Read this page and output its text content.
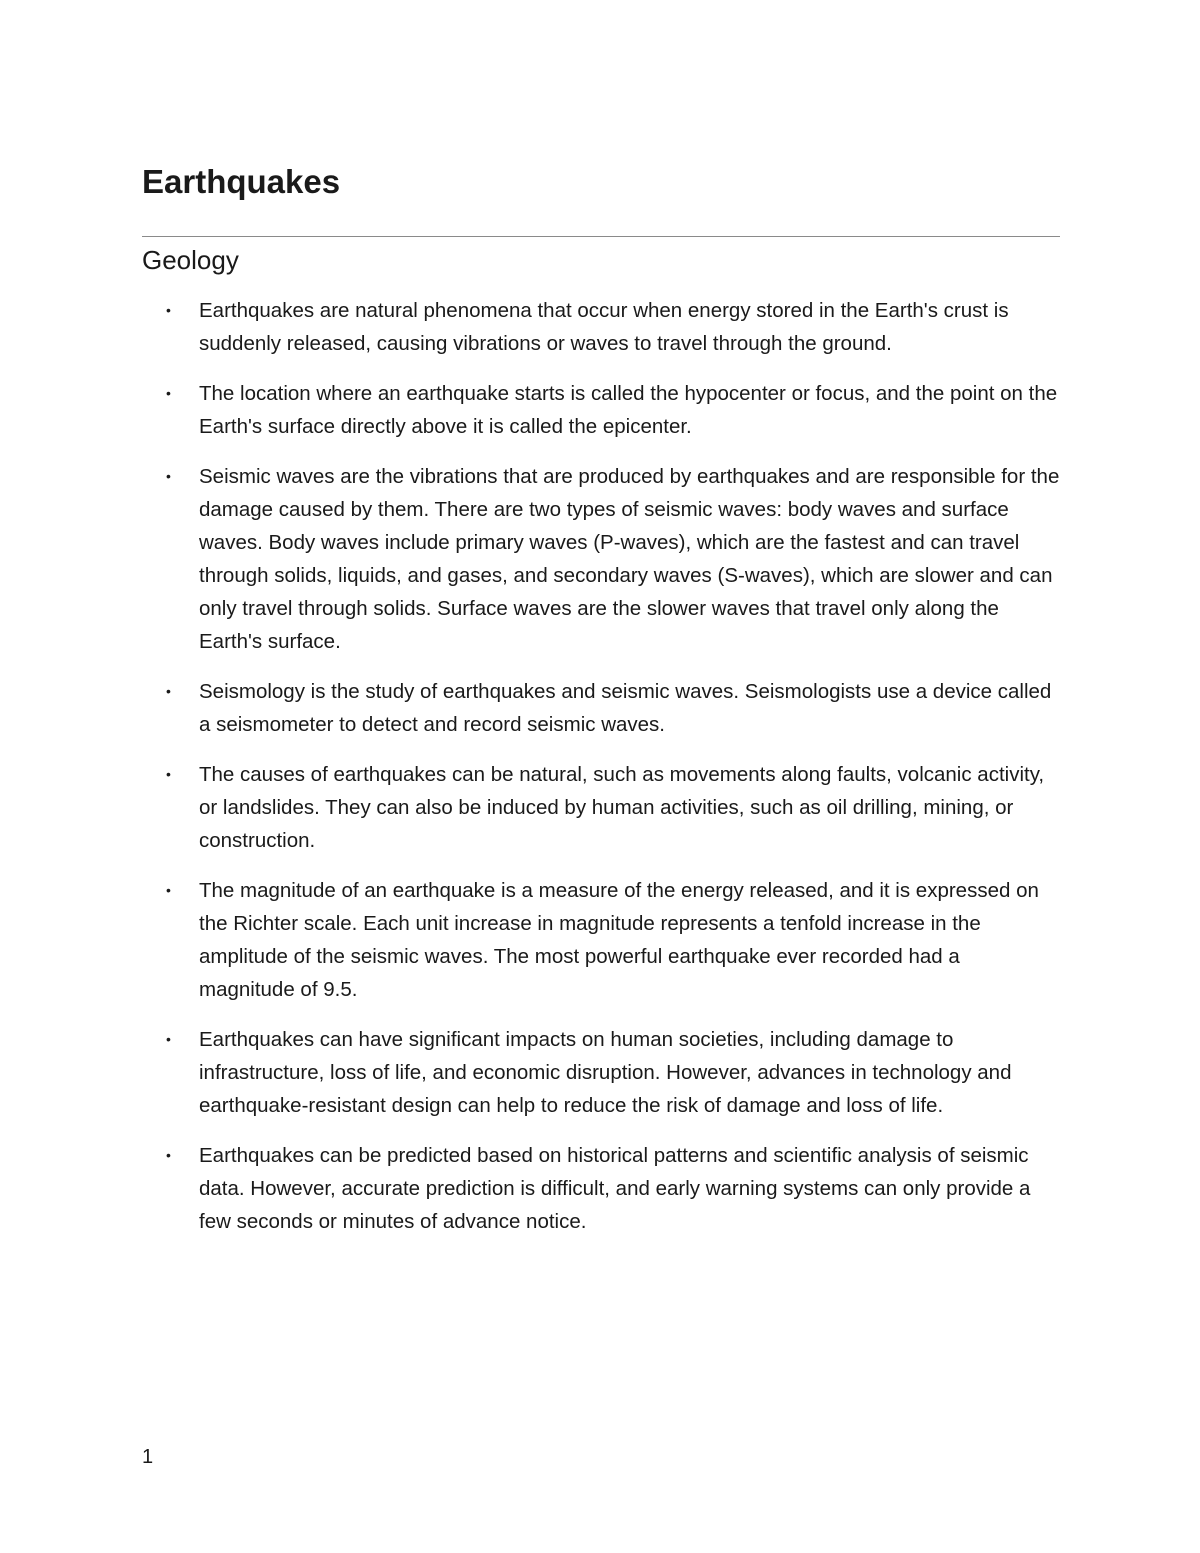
Earthquakes
Geology
• Earthquakes are natural phenomena that occur when energy stored in the Earth's crust is suddenly released, causing vibrations or waves to travel through the ground.
• The location where an earthquake starts is called the hypocenter or focus, and the point on the Earth's surface directly above it is called the epicenter.
• Seismic waves are the vibrations that are produced by earthquakes and are responsible for the damage caused by them. There are two types of seismic waves: body waves and surface waves. Body waves include primary waves (P-waves), which are the fastest and can travel through solids, liquids, and gases, and secondary waves (S-waves), which are slower and can only travel through solids. Surface waves are the slower waves that travel only along the Earth's surface.
• Seismology is the study of earthquakes and seismic waves. Seismologists use a device called a seismometer to detect and record seismic waves.
• The causes of earthquakes can be natural, such as movements along faults, volcanic activity, or landslides. They can also be induced by human activities, such as oil drilling, mining, or construction.
• The magnitude of an earthquake is a measure of the energy released, and it is expressed on the Richter scale. Each unit increase in magnitude represents a tenfold increase in the amplitude of the seismic waves. The most powerful earthquake ever recorded had a magnitude of 9.5.
• Earthquakes can have significant impacts on human societies, including damage to infrastructure, loss of life, and economic disruption. However, advances in technology and earthquake-resistant design can help to reduce the risk of damage and loss of life.
• Earthquakes can be predicted based on historical patterns and scientific analysis of seismic data. However, accurate prediction is difficult, and early warning systems can only provide a few seconds or minutes of advance notice.
1
